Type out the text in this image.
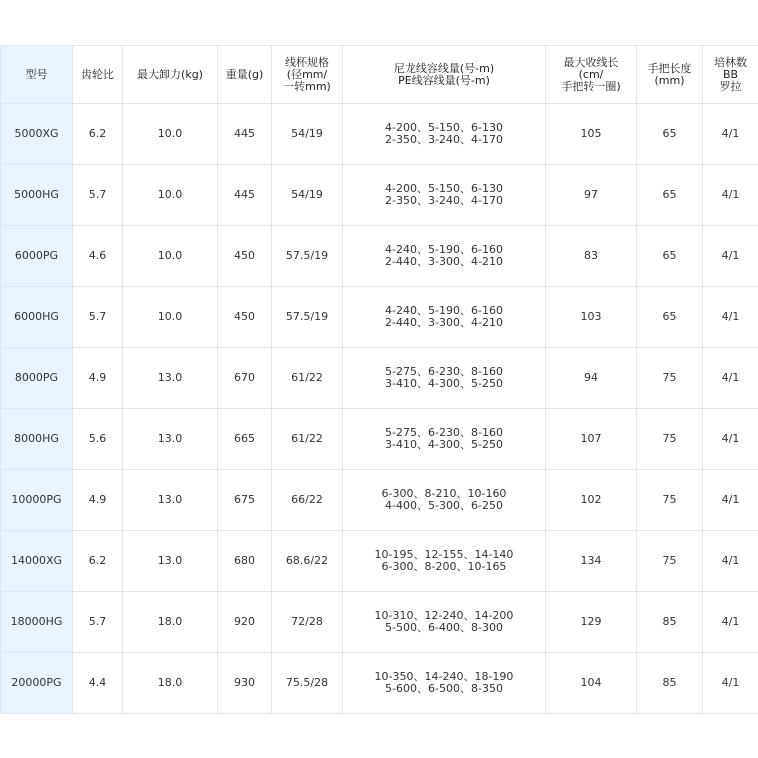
型号	齿轮比	最大卸力(kg)	重量(g)	线杯规格
(径mm/
一转mm)	尼龙线容线量(号-m)
PE线容线量(号-m)	最大收线长
(cm/
手把转一圈)	手把长度
(mm)	培林数
BB
罗拉
5000XG	6.2	10.0	445	54/19	4-200、5-150、6-130
2-350、3-240、4-170	105	65	4/1
5000HG	5.7	10.0	445	54/19	4-200、5-150、6-130
2-350、3-240、4-170	97	65	4/1
6000PG	4.6	10.0	450	57.5/19	4-240、5-190、6-160
2-440、3-300、4-210	83	65	4/1
6000HG	5.7	10.0	450	57.5/19	4-240、5-190、6-160
2-440、3-300、4-210	103	65	4/1
8000PG	4.9	13.0	670	61/22	5-275、6-230、8-160
3-410、4-300、5-250	94	75	4/1
8000HG	5.6	13.0	665	61/22	5-275、6-230、8-160
3-410、4-300、5-250	107	75	4/1
10000PG	4.9	13.0	675	66/22	6-300、8-210、10-160
4-400、5-300、6-250	102	75	4/1
14000XG	6.2	13.0	680	68.6/22	10-195、12-155、14-140
6-300、8-200、10-165	134	75	4/1
18000HG	5.7	18.0	920	72/28	10-310、12-240、14-200
5-500、6-400、8-300	129	85	4/1
20000PG	4.4	18.0	930	75.5/28	10-350、14-240、18-190
5-600、6-500、8-350	104	85	4/1
